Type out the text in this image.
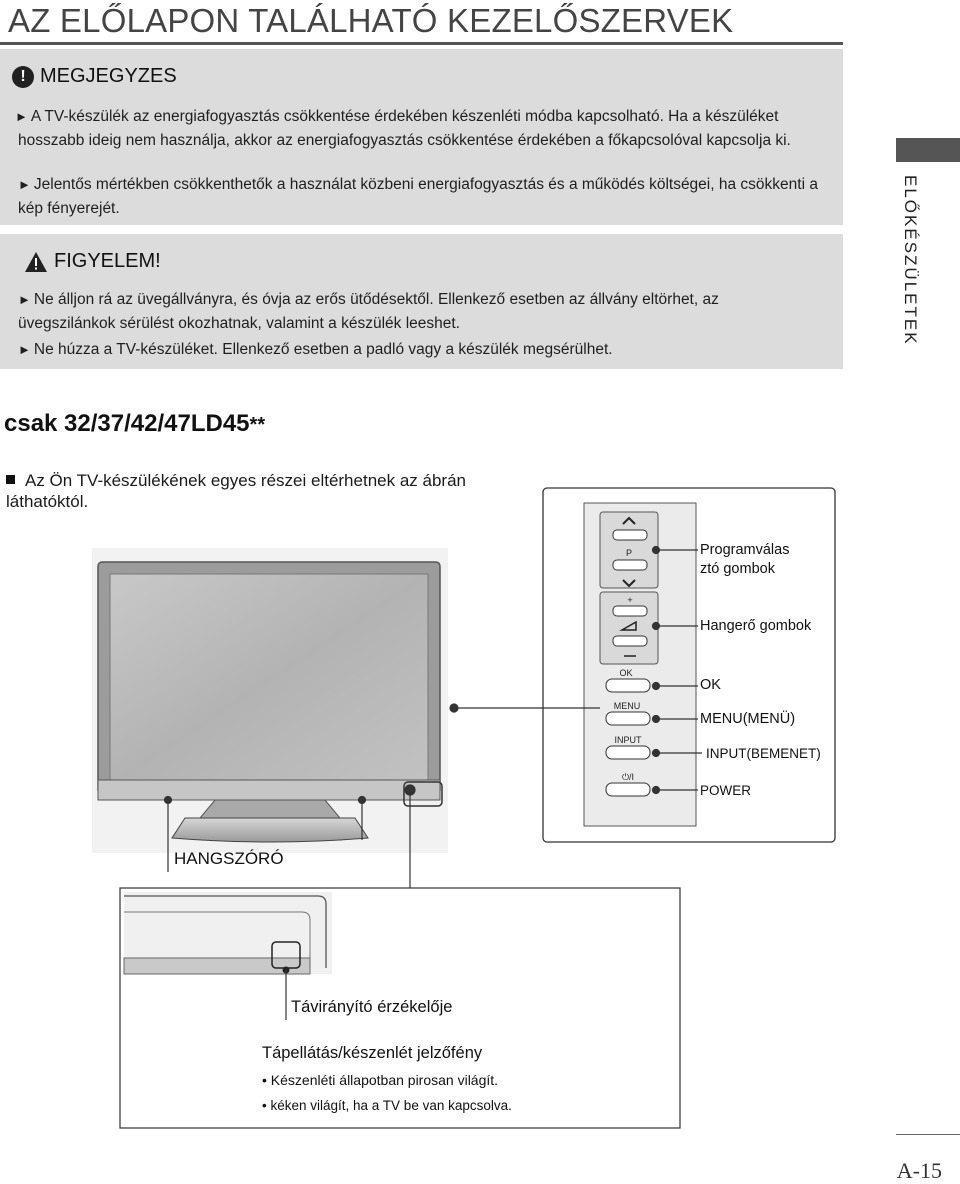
AZ ELŐLAPON TALÁLHATÓ KEZELŐSZERVEK
! MEGJEGYZES
► A TV-készülék az energiafogyasztás csökkentése érdekében készenléti módba kapcsolható. Ha a készüléket hosszabb ideig nem használja, akkor az energiafogyasztás csökkentése érdekében a főkapcsolóval kapcsolja ki.
► Jelentős mértékben csökkenthetők a használat közbeni energiafogyasztás és a működés költségei, ha csökkenti a kép fényerejét.
FIGYELEM!
► Ne álljon rá az üvegállványra, és óvja az erős ütődésektől. Ellenkező esetben az állvány eltörhet, az üvegszilánkok sérülést okozhatnak, valamint a készülék leeshet.
► Ne húzza a TV-készüléket. Ellenkező esetben a padló vagy a készülék megsérülhet.
ELŐKÉSZÜLETEK
csak 32/37/42/47LD45**
Az Ön TV-készülékének egyes részei eltérhetnek az ábrán láthatóktól.
P
+
OK
MENU
INPUT
⏻/I
Programválas ztó gombok
Hangerő gombok
OK
MENU(MENÜ)
INPUT(BEMENET)
POWER
HANGSZÓRÓ
Távirányító érzékelője
Tápellátás/készenlét jelzőfény
• Készenléti állapotban pirosan világít.
• kéken világít, ha a TV be van kapcsolva.
A-15
